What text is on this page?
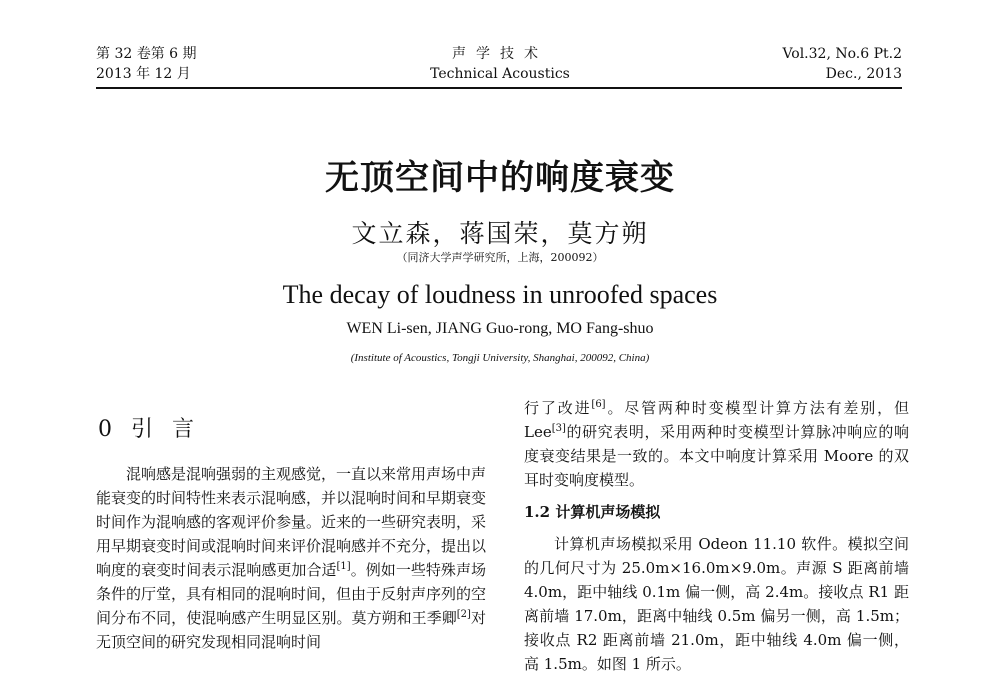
第 32 卷第 6 期
2013 年 12 月
声学技术
Technical Acoustics
Vol.32, No.6 Pt.2
Dec., 2013
无顶空间中的响度衰变
文立森，蒋国荣，莫方朔
（同济大学声学研究所，上海，200092）
The decay of loudness in unroofed spaces
WEN Li-sen, JIANG Guo-rong, MO Fang-shuo
(Institute of Acoustics, Tongji University, Shanghai, 200092, China)
0 引 言

混响感是混响强弱的主观感觉，一直以来常用声场中声能衰变的时间特性来表示混响感，并以混响时间和早期衰变时间作为混响感的客观评价参量。近来的一些研究表明，采用早期衰变时间或混响时间来评价混响感并不充分，提出以响度的衰变时间表示混响感更加合适[1]。例如一些特殊声场条件的厅堂，具有相同的混响时间，但由于反射声序列的空间分布不同，使混响感产生明显区别。莫方朔和王季卿[2]对无顶空间的研究发现相同混响时间

行了改进[6]。尽管两种时变模型计算方法有差别，但 Lee[3]的研究表明，采用两种时变模型计算脉冲响应的响度衰变结果是一致的。本文中响度计算采用 Moore 的双耳时变响度模型。

1.2 计算机声场模拟

计算机声场模拟采用 Odeon 11.10 软件。模拟空间的几何尺寸为 25.0m×16.0m×9.0m。声源 S 距离前墙 4.0m，距中轴线 0.1m 偏一侧，高 2.4m。接收点 R1 距离前墙 17.0m，距离中轴线 0.5m 偏另一侧，高 1.5m；接收点 R2 距离前墙 21.0m，距中轴线 4.0m 偏一侧，高 1.5m。如图 1 所示。
